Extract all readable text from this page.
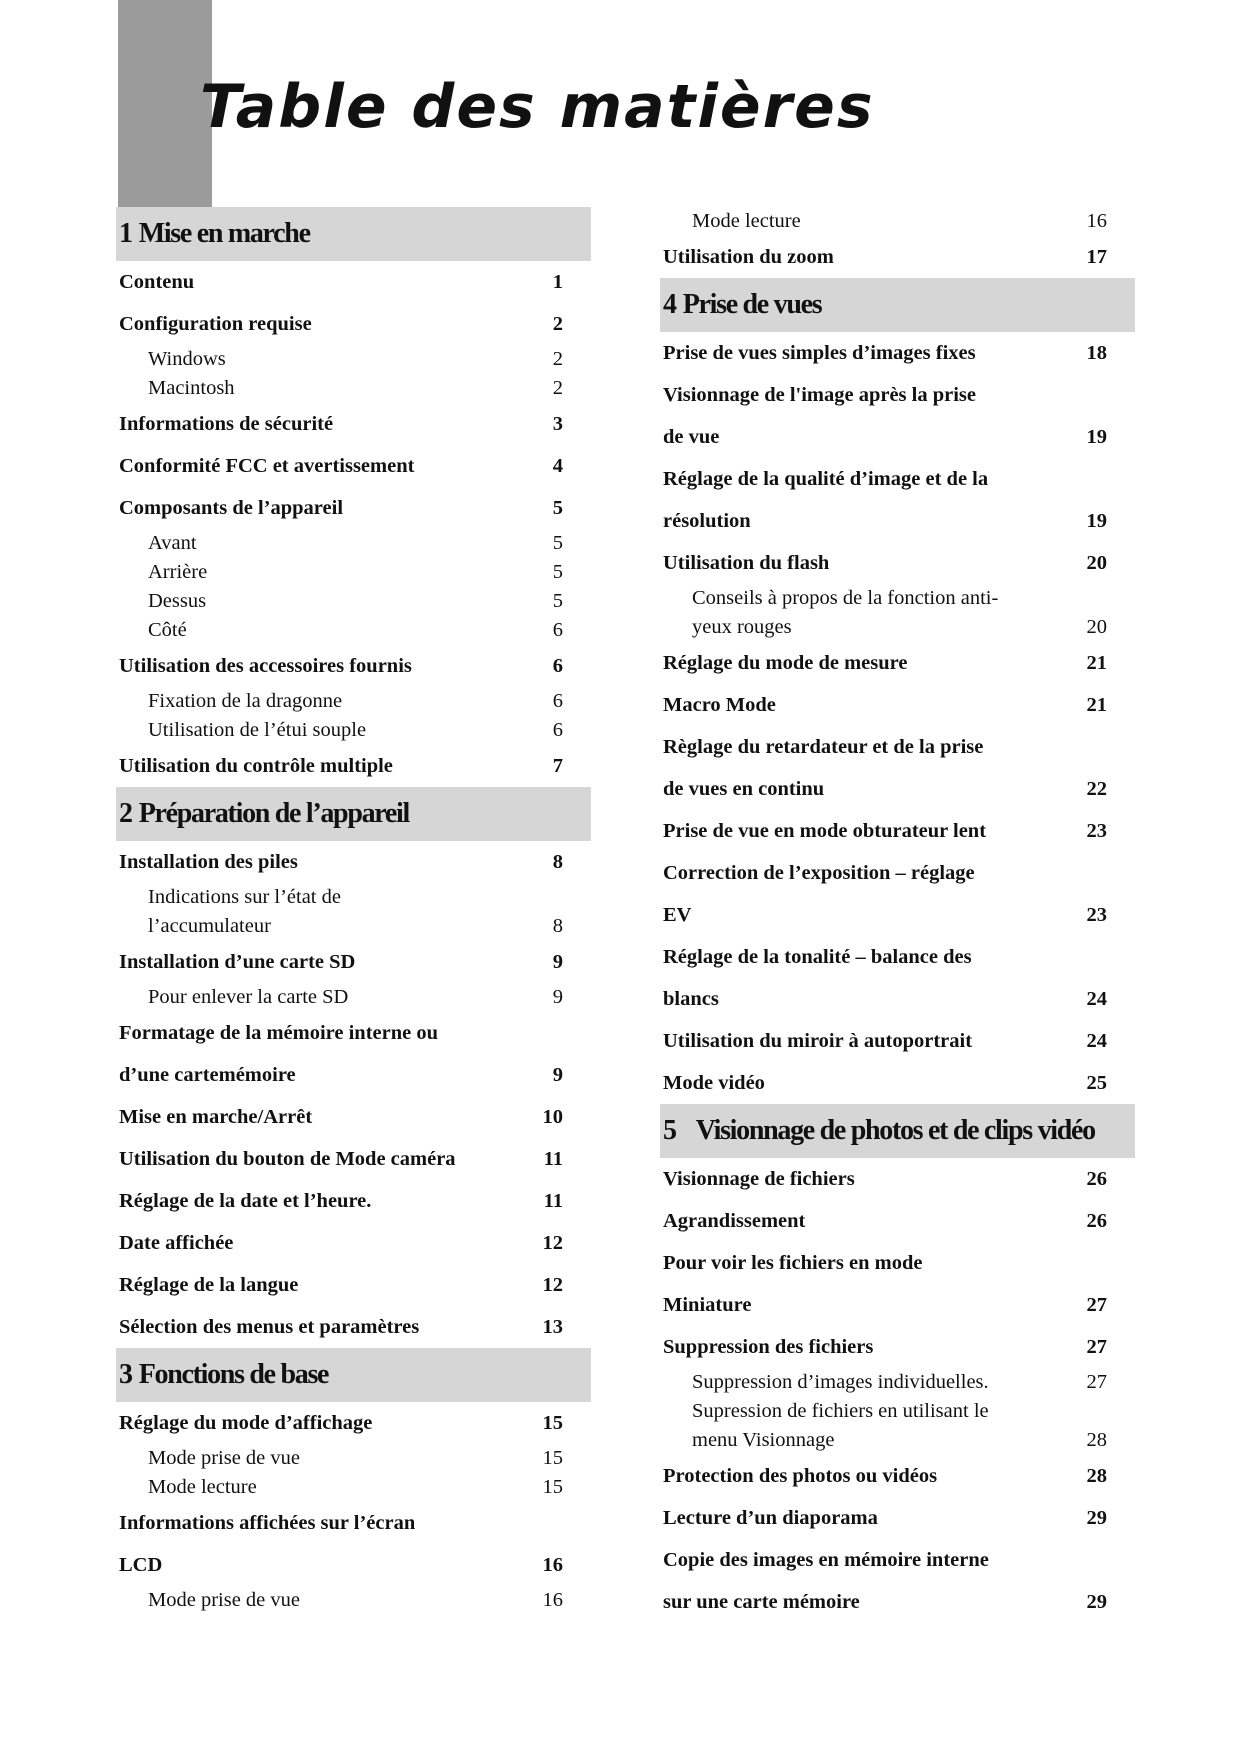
Table des matières
1 Mise en marche
Contenu	1
Configuration requise	2
Windows	2
Macintosh	2
Informations de sécurité	3
Conformité FCC et avertissement	4
Composants de l’appareil	5
Avant	5
Arrière	5
Dessus	5
Côté	6
Utilisation des accessoires fournis	6
Fixation de la dragonne	6
Utilisation de l’étui souple	6
Utilisation du contrôle multiple	7
2 Préparation de l’appareil
Installation des piles	8
Indications sur l’état de
l’accumulateur	8
Installation d’une carte SD	9
Pour enlever la carte SD	9
Formatage de la mémoire interne ou
d’une cartemémoire	9
Mise en marche/Arrêt	10
Utilisation du bouton de Mode caméra	11
Réglage de la date et l’heure.	11
Date affichée	12
Réglage de la langue	12
Sélection des menus et paramètres	13
3 Fonctions de base
Réglage du mode d’affichage	15
Mode prise de vue	15
Mode lecture	15
Informations affichées sur l’écran
LCD	16
Mode prise de vue	16
Mode lecture	16
Utilisation du zoom	17
4 Prise de vues
Prise de vues simples d’images fixes	18
Visionnage de l'image après la prise
de vue	19
Réglage de la qualité d’image et de la
résolution	19
Utilisation du flash	20
Conseils à propos de la fonction anti-
yeux rouges	20
Réglage du mode de mesure	21
Macro Mode	21
Règlage du retardateur et de la prise
de vues en continu	22
Prise de vue en mode obturateur lent	23
Correction de l’exposition – réglage
EV	23
Réglage de la tonalité – balance des
blancs	24
Utilisation du miroir à autoportrait	24
Mode vidéo	25
5 Visionnage de photos et de clips vidéo
Visionnage de fichiers	26
Agrandissement	26
Pour voir les fichiers en mode
Miniature	27
Suppression des fichiers	27
Suppression d’images individuelles.	27
Supression de fichiers en utilisant le
menu Visionnage	28
Protection des photos ou vidéos	28
Lecture d’un diaporama	29
Copie des images en mémoire interne
sur une carte mémoire	29
